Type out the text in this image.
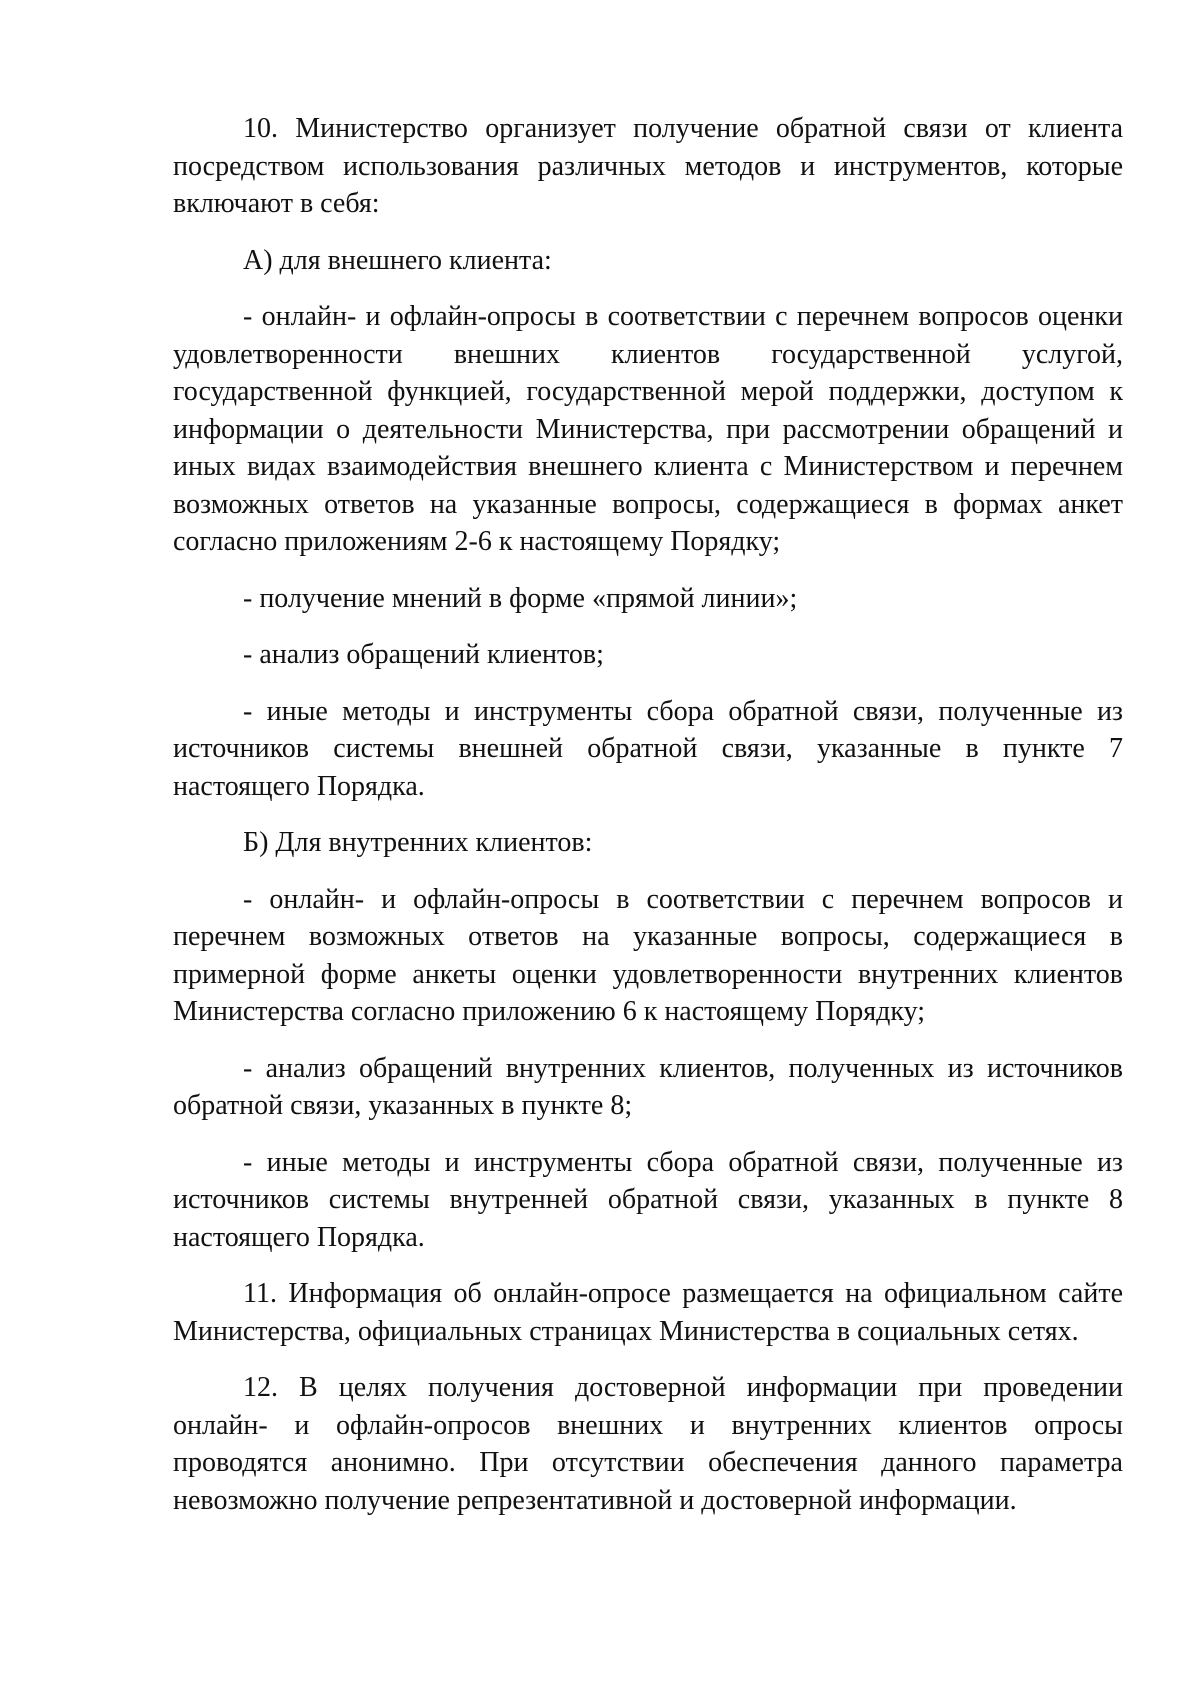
10. Министерство организует получение обратной связи от клиента посредством использования различных методов и инструментов, которые включают в себя:

А) для внешнего клиента:

- онлайн- и офлайн-опросы в соответствии с перечнем вопросов оценки удовлетворенности внешних клиентов государственной услугой, государственной функцией, государственной мерой поддержки, доступом к информации о деятельности Министерства, при рассмотрении обращений и иных видах взаимодействия внешнего клиента с Министерством и перечнем возможных ответов на указанные вопросы, содержащиеся в формах анкет согласно приложениям 2-6 к настоящему Порядку;

- получение мнений в форме «прямой линии»;

- анализ обращений клиентов;

- иные методы и инструменты сбора обратной связи, полученные из источников системы внешней обратной связи, указанные в пункте 7 настоящего Порядка.

Б) Для внутренних клиентов:

- онлайн- и офлайн-опросы в соответствии с перечнем вопросов и перечнем возможных ответов на указанные вопросы, содержащиеся в примерной форме анкеты оценки удовлетворенности внутренних клиентов Министерства согласно приложению 6 к настоящему Порядку;

- анализ обращений внутренних клиентов, полученных из источников обратной связи, указанных в пункте 8;

- иные методы и инструменты сбора обратной связи, полученные из источников системы внутренней обратной связи, указанных в пункте 8 настоящего Порядка.

11. Информация об онлайн-опросе размещается на официальном сайте Министерства, официальных страницах Министерства в социальных сетях.

12. В целях получения достоверной информации при проведении онлайн- и офлайн-опросов внешних и внутренних клиентов опросы проводятся анонимно. При отсутствии обеспечения данного параметра невозможно получение репрезентативной и достоверной информации.
